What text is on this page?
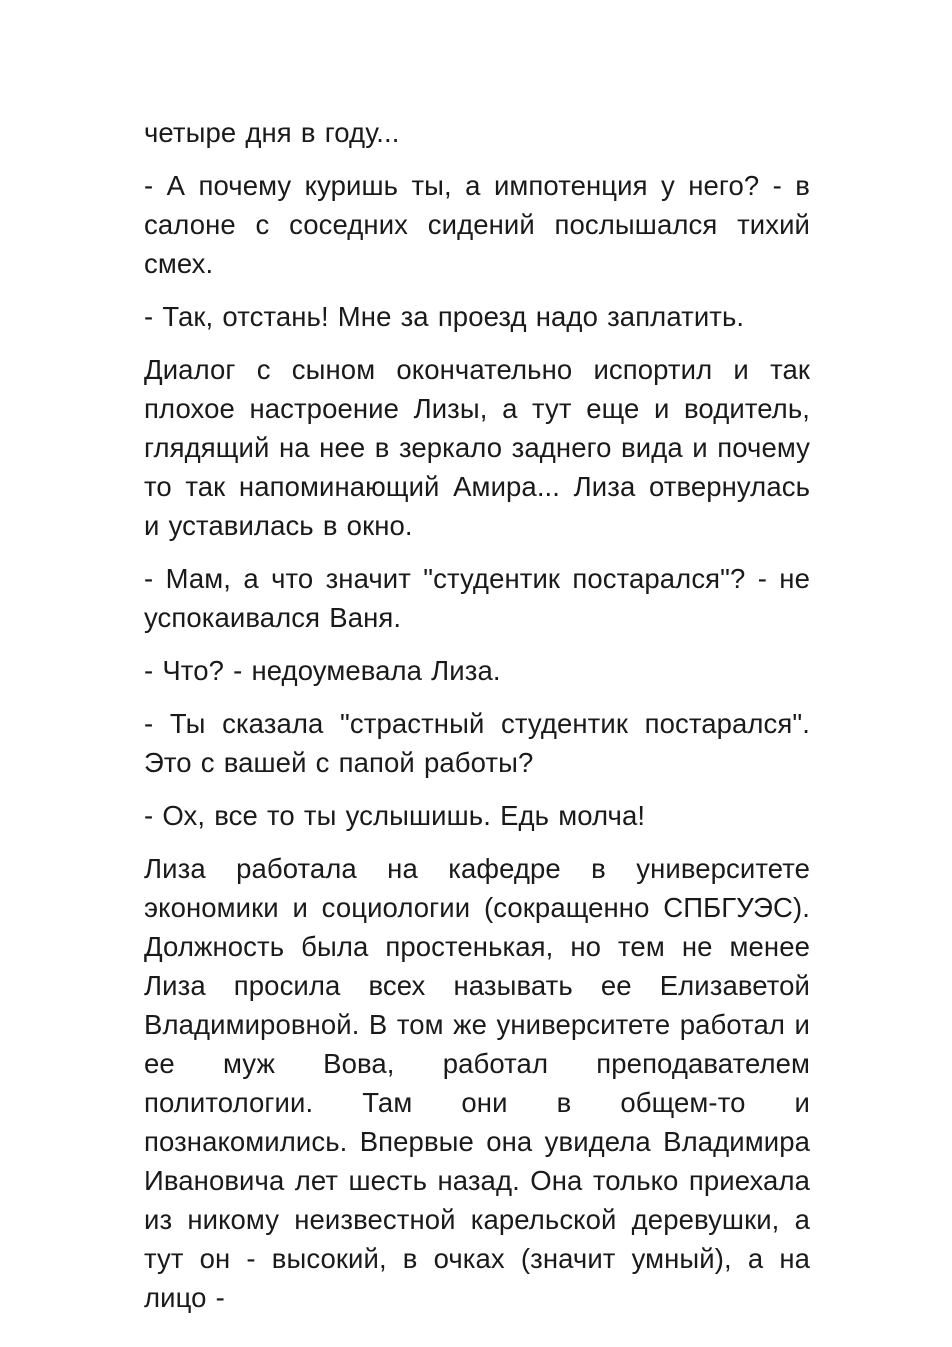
четыре дня в году...

- А почему куришь ты, а импотенция у него? - в салоне с соседних сидений послышался тихий смех.

- Так, отстань! Мне за проезд надо заплатить.

Диалог с сыном окончательно испортил и так плохое настроение Лизы, а тут еще и водитель, глядящий на нее в зеркало заднего вида и почему то так напоминающий Амира... Лиза отвернулась и уставилась в окно.

- Мам, а что значит "студентик постарался"? - не успокаивался Ваня.

- Что? - недоумевала Лиза.

- Ты сказала "страстный студентик постарался". Это с вашей с папой работы?

- Ох, все то ты услышишь. Едь молча!

Лиза работала на кафедре в университете экономики и социологии (сокращенно СПБГУЭС). Должность была простенькая, но тем не менее Лиза просила всех называть ее Елизаветой Владимировной. В том же университете работал и ее муж Вова, работал преподавателем политологии. Там они в общем-то и познакомились. Впервые она увидела Владимира Ивановича лет шесть назад. Она только приехала из никому неизвестной карельской деревушки, а тут он - высокий, в очках (значит умный), а на лицо -
